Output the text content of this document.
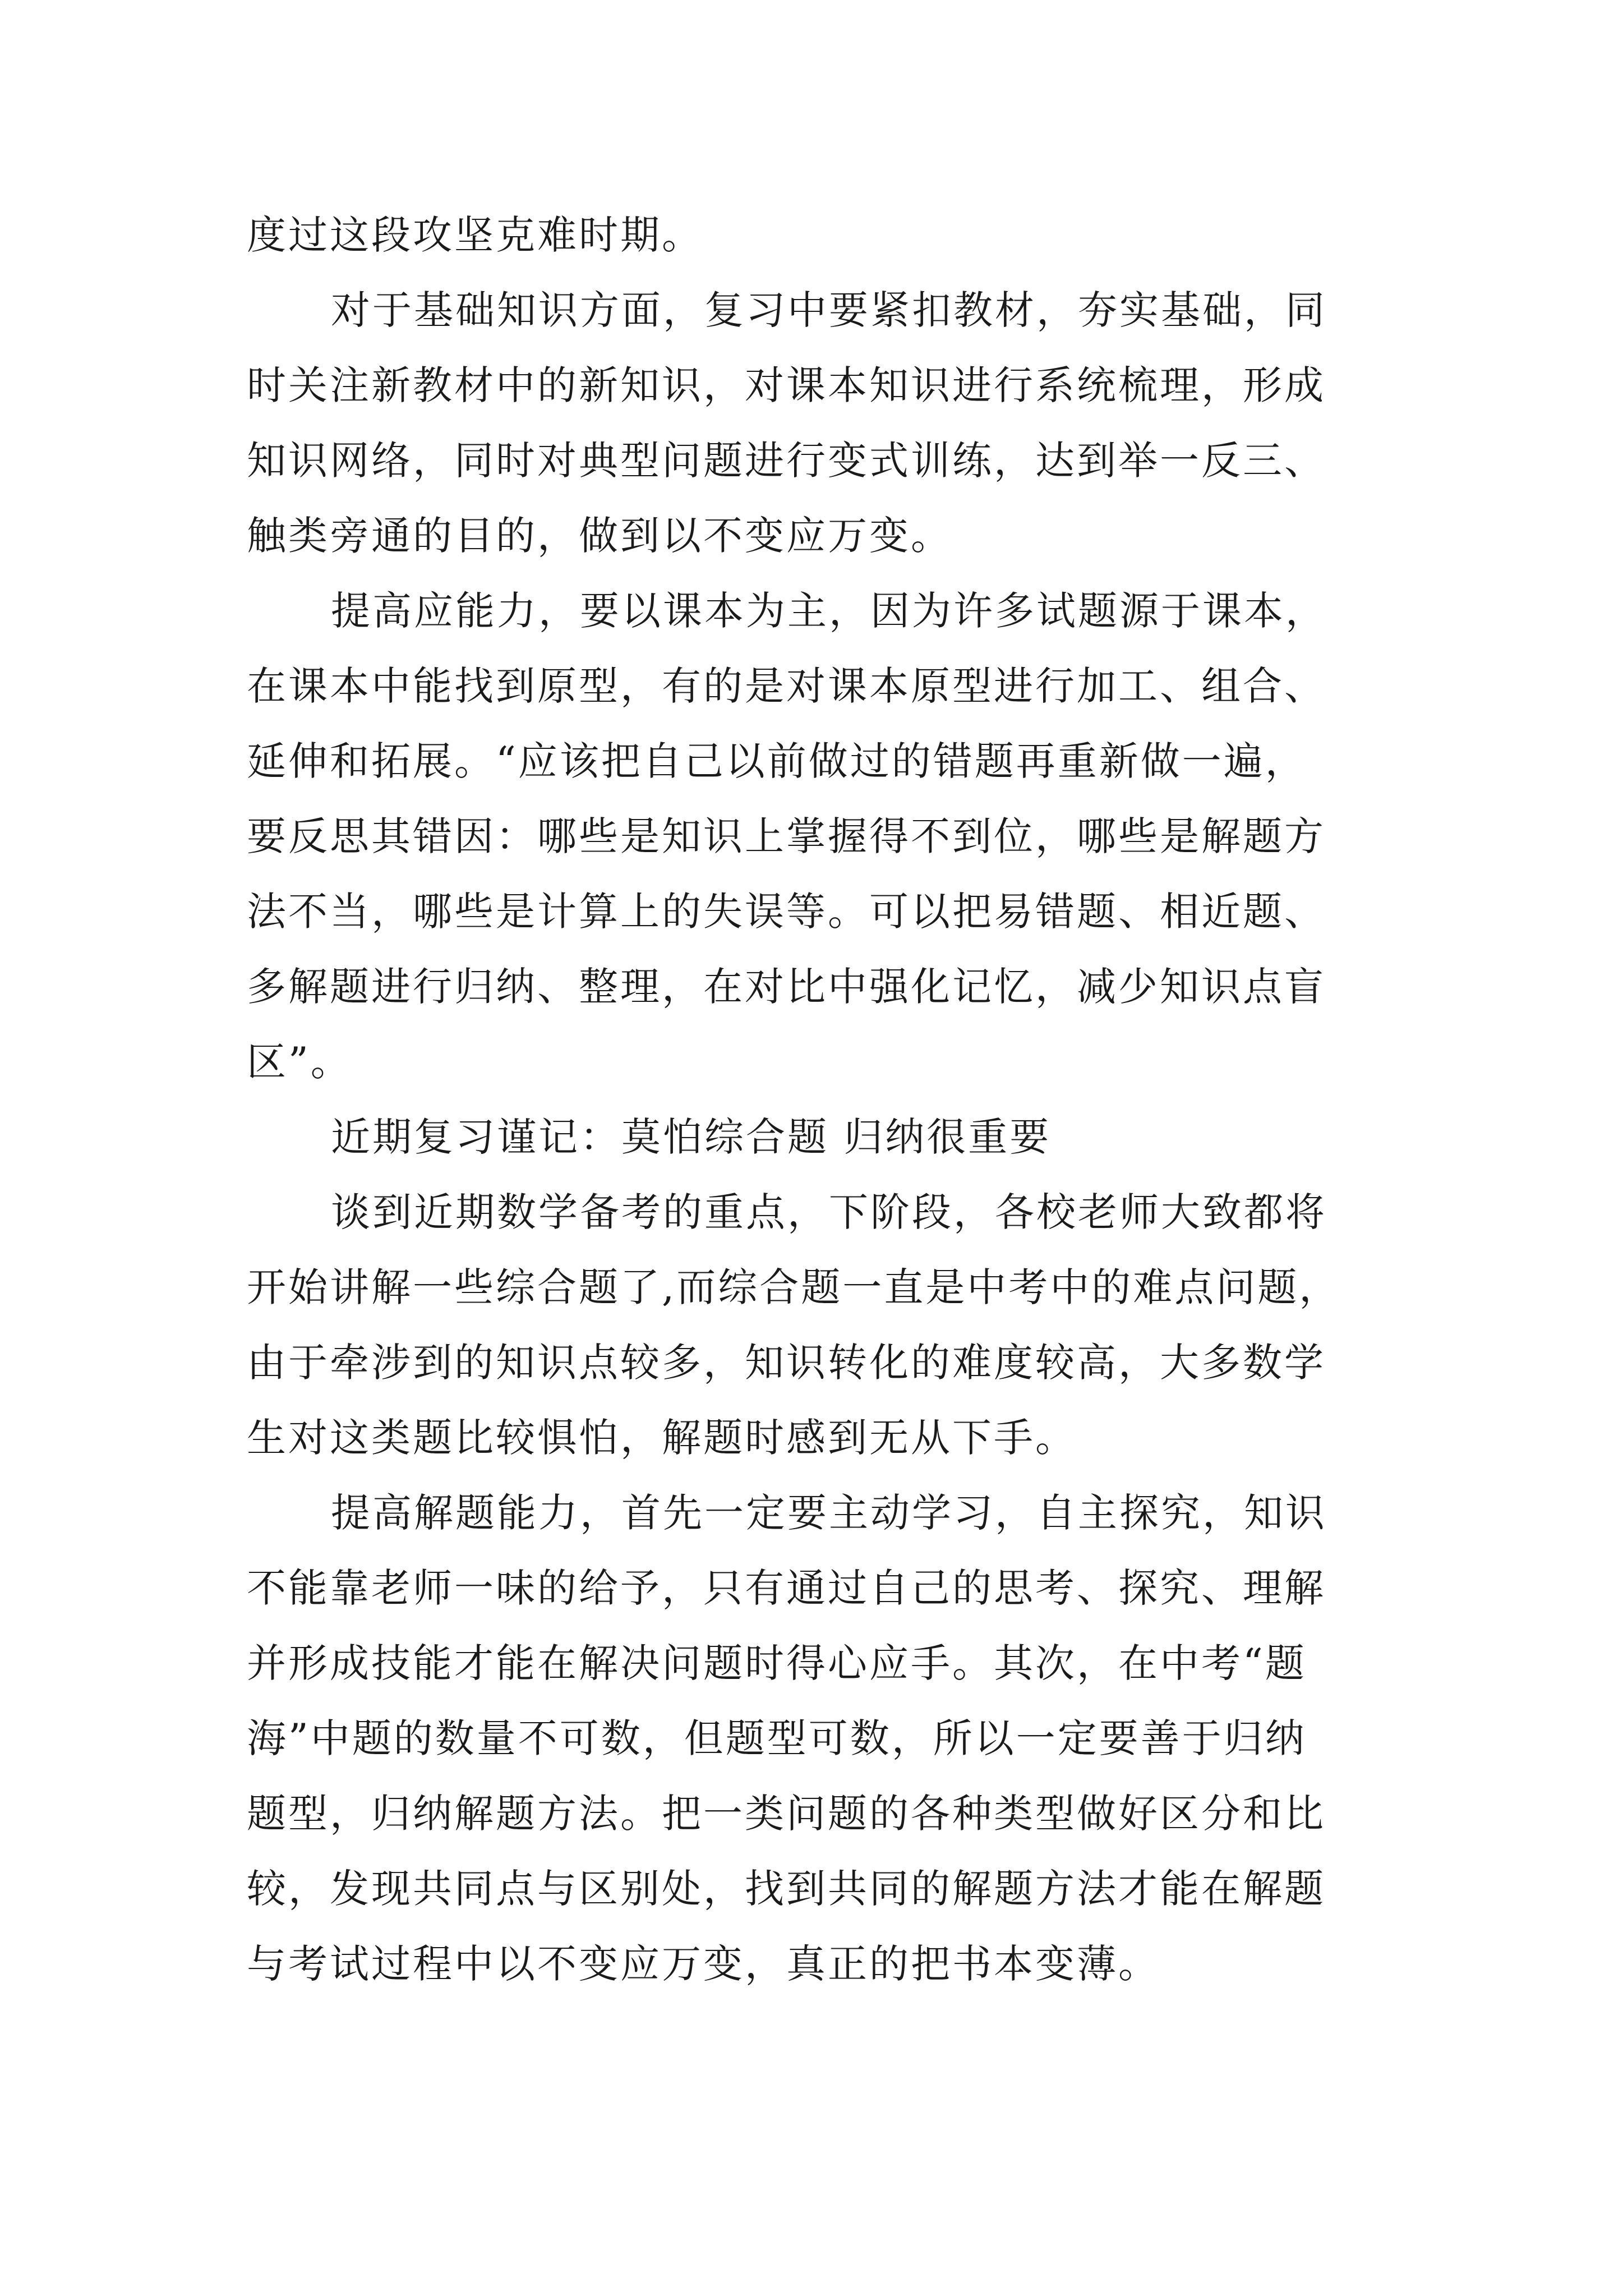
度过这段攻坚克难时期。
对于基础知识方面，复习中要紧扣教材，夯实基础，同
时关注新教材中的新知识，对课本知识进行系统梳理，形成
知识网络，同时对典型问题进行变式训练，达到举一反三、
触类旁通的目的，做到以不变应万变。
提高应能力，要以课本为主，因为许多试题源于课本，
在课本中能找到原型，有的是对课本原型进行加工、组合、
延伸和拓展。“应该把自己以前做过的错题再重新做一遍，
要反思其错因：哪些是知识上掌握得不到位，哪些是解题方
法不当，哪些是计算上的失误等。可以把易错题、相近题、
多解题进行归纳、整理，在对比中强化记忆，减少知识点盲
区”。
近期复习谨记：莫怕综合题 归纳很重要
谈到近期数学备考的重点，下阶段，各校老师大致都将
开始讲解一些综合题了,而综合题一直是中考中的难点问题，
由于牵涉到的知识点较多，知识转化的难度较高，大多数学
生对这类题比较惧怕，解题时感到无从下手。
提高解题能力，首先一定要主动学习，自主探究，知识
不能靠老师一味的给予，只有通过自己的思考、探究、理解
并形成技能才能在解决问题时得心应手。其次，在中考“题
海”中题的数量不可数，但题型可数，所以一定要善于归纳
题型，归纳解题方法。把一类问题的各种类型做好区分和比
较，发现共同点与区别处，找到共同的解题方法才能在解题
与考试过程中以不变应万变，真正的把书本变薄。
